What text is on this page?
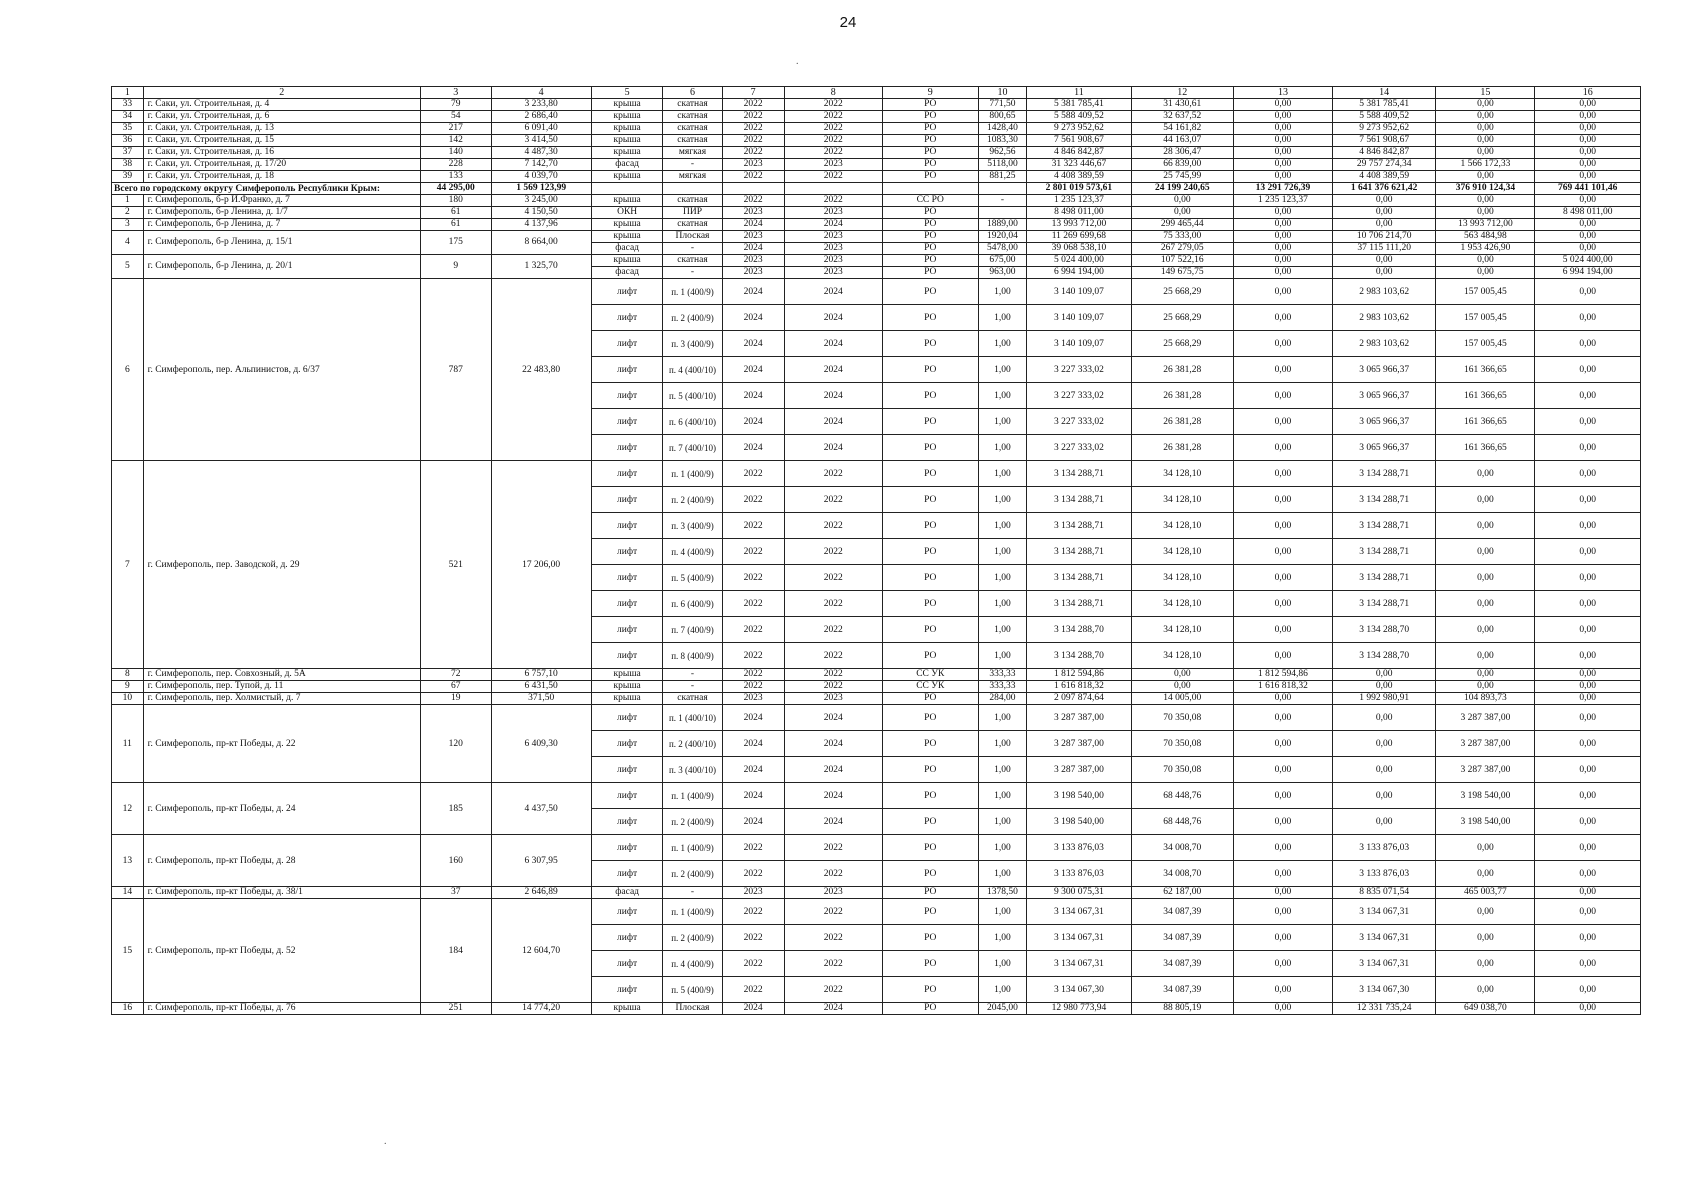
24
.
1	2	3	4	5	6	7	8	9	10	11	12	13	14	15	16
33	г. Саки, ул. Строительная, д. 4	79	3 233,80	крыша	скатная	2022	2022	РО	771,50	5 381 785,41	31 430,61	0,00	5 381 785,41	0,00	0,00
34	г. Саки, ул. Строительная, д. 6	54	2 686,40	крыша	скатная	2022	2022	РО	800,65	5 588 409,52	32 637,52	0,00	5 588 409,52	0,00	0,00
35	г. Саки, ул. Строительная, д. 13	217	6 091,40	крыша	скатная	2022	2022	РО	1428,40	9 273 952,62	54 161,82	0,00	9 273 952,62	0,00	0,00
36	г. Саки, ул. Строительная, д. 15	142	3 414,50	крыша	скатная	2022	2022	РО	1083,30	7 561 908,67	44 163,07	0,00	7 561 908,67	0,00	0,00
37	г. Саки, ул. Строительная, д. 16	140	4 487,30	крыша	мягкая	2022	2022	РО	962,56	4 846 842,87	28 306,47	0,00	4 846 842,87	0,00	0,00
38	г. Саки, ул. Строительная, д. 17/20	228	7 142,70	фасад	-	2023	2023	РО	5118,00	31 323 446,67	66 839,00	0,00	29 757 274,34	1 566 172,33	0,00
39	г. Саки, ул. Строительная, д. 18	133	4 039,70	крыша	мягкая	2022	2022	РО	881,25	4 408 389,59	25 745,99	0,00	4 408 389,59	0,00	0,00
Всего по городскому округу Симферополь Республики Крым:		44 295,00	1 569 123,99							2 801 019 573,61	24 199 240,65	13 291 726,39	1 641 376 621,42	376 910 124,34	769 441 101,46
1	г. Симферополь, б-р И.Франко, д. 7	180	3 245,00	крыша	скатная	2022	2022	СС РО	-	1 235 123,37	0,00	1 235 123,37	0,00	0,00	0,00
2	г. Симферополь, б-р Ленина, д. 1/7	61	4 150,50	ОКН	ПИР	2023	2023	РО		8 498 011,00	0,00	0,00	0,00	0,00	8 498 011,00
3	г. Симферополь, б-р Ленина, д. 7	61	4 137,96	крыша	скатная	2024	2024	РО	1889,00	13 993 712,00	299 465,44	0,00	0,00	13 993 712,00	0,00
4	г. Симферополь, б-р Ленина, д. 15/1	175	8 664,00	крыша	Плоская	2023	2023	РО	1920,04	11 269 699,68	75 333,00	0,00	10 706 214,70	563 484,98	0,00
				фасад	-	2024	2023	РО	5478,00	39 068 538,10	267 279,05	0,00	37 115 111,20	1 953 426,90	0,00
5	г. Симферополь, б-р Ленина, д. 20/1	9	1 325,70	крыша	скатная	2023	2023	РО	675,00	5 024 400,00	107 522,16	0,00	0,00	0,00	5 024 400,00
				фасад	-	2023	2023	РО	963,00	6 994 194,00	149 675,75	0,00	0,00	0,00	6 994 194,00
6	г. Симферополь, пер. Альпинистов, д. 6/37	787	22 483,80	лифт	п. 1 (400/9)	2024	2024	РО	1,00	3 140 109,07	25 668,29	0,00	2 983 103,62	157 005,45	0,00
				лифт	п. 2 (400/9)	2024	2024	РО	1,00	3 140 109,07	25 668,29	0,00	2 983 103,62	157 005,45	0,00
				лифт	п. 3 (400/9)	2024	2024	РО	1,00	3 140 109,07	25 668,29	0,00	2 983 103,62	157 005,45	0,00
				лифт	п. 4 (400/10)	2024	2024	РО	1,00	3 227 333,02	26 381,28	0,00	3 065 966,37	161 366,65	0,00
				лифт	п. 5 (400/10)	2024	2024	РО	1,00	3 227 333,02	26 381,28	0,00	3 065 966,37	161 366,65	0,00
				лифт	п. 6 (400/10)	2024	2024	РО	1,00	3 227 333,02	26 381,28	0,00	3 065 966,37	161 366,65	0,00
				лифт	п. 7 (400/10)	2024	2024	РО	1,00	3 227 333,02	26 381,28	0,00	3 065 966,37	161 366,65	0,00
7	г. Симферополь, пер. Заводской, д. 29	521	17 206,00	лифт	п. 1 (400/9)	2022	2022	РО	1,00	3 134 288,71	34 128,10	0,00	3 134 288,71	0,00	0,00
				лифт	п. 2 (400/9)	2022	2022	РО	1,00	3 134 288,71	34 128,10	0,00	3 134 288,71	0,00	0,00
				лифт	п. 3 (400/9)	2022	2022	РО	1,00	3 134 288,71	34 128,10	0,00	3 134 288,71	0,00	0,00
				лифт	п. 4 (400/9)	2022	2022	РО	1,00	3 134 288,71	34 128,10	0,00	3 134 288,71	0,00	0,00
				лифт	п. 5 (400/9)	2022	2022	РО	1,00	3 134 288,71	34 128,10	0,00	3 134 288,71	0,00	0,00
				лифт	п. 6 (400/9)	2022	2022	РО	1,00	3 134 288,71	34 128,10	0,00	3 134 288,71	0,00	0,00
				лифт	п. 7 (400/9)	2022	2022	РО	1,00	3 134 288,70	34 128,10	0,00	3 134 288,70	0,00	0,00
				лифт	п. 8 (400/9)	2022	2022	РО	1,00	3 134 288,70	34 128,10	0,00	3 134 288,70	0,00	0,00
8	г. Симферополь, пер. Совхозный, д. 5А	72	6 757,10	крыша	-	2022	2022	СС УК	333,33	1 812 594,86	0,00	1 812 594,86	0,00	0,00	0,00
9	г. Симферополь, пер. Тупой, д. 11	67	6 431,50	крыша	-	2022	2022	СС УК	333,33	1 616 818,32	0,00	1 616 818,32	0,00	0,00	0,00
10	г. Симферополь, пер. Холмистый, д. 7	19	371,50	крыша	скатная	2023	2023	РО	284,00	2 097 874,64	14 005,00	0,00	1 992 980,91	104 893,73	0,00
11	г. Симферополь, пр-кт Победы, д. 22	120	6 409,30	лифт	п. 1 (400/10)	2024	2024	РО	1,00	3 287 387,00	70 350,08	0,00	0,00	3 287 387,00	0,00
				лифт	п. 2 (400/10)	2024	2024	РО	1,00	3 287 387,00	70 350,08	0,00	0,00	3 287 387,00	0,00
				лифт	п. 3 (400/10)	2024	2024	РО	1,00	3 287 387,00	70 350,08	0,00	0,00	3 287 387,00	0,00
12	г. Симферополь, пр-кт Победы, д. 24	185	4 437,50	лифт	п. 1 (400/9)	2024	2024	РО	1,00	3 198 540,00	68 448,76	0,00	0,00	3 198 540,00	0,00
				лифт	п. 2 (400/9)	2024	2024	РО	1,00	3 198 540,00	68 448,76	0,00	0,00	3 198 540,00	0,00
13	г. Симферополь, пр-кт Победы, д. 28	160	6 307,95	лифт	п. 1 (400/9)	2022	2022	РО	1,00	3 133 876,03	34 008,70	0,00	3 133 876,03	0,00	0,00
				лифт	п. 2 (400/9)	2022	2022	РО	1,00	3 133 876,03	34 008,70	0,00	3 133 876,03	0,00	0,00
14	г. Симферополь, пр-кт Победы, д. 38/1	37	2 646,89	фасад	-	2023	2023	РО	1378,50	9 300 075,31	62 187,00	0,00	8 835 071,54	465 003,77	0,00
15	г. Симферополь, пр-кт Победы, д. 52	184	12 604,70	лифт	п. 1 (400/9)	2022	2022	РО	1,00	3 134 067,31	34 087,39	0,00	3 134 067,31	0,00	0,00
				лифт	п. 2 (400/9)	2022	2022	РО	1,00	3 134 067,31	34 087,39	0,00	3 134 067,31	0,00	0,00
				лифт	п. 4 (400/9)	2022	2022	РО	1,00	3 134 067,31	34 087,39	0,00	3 134 067,31	0,00	0,00
				лифт	п. 5 (400/9)	2022	2022	РО	1,00	3 134 067,30	34 087,39	0,00	3 134 067,30	0,00	0,00
16	г. Симферополь, пр-кт Победы, д. 76	251	14 774,20	крыша	Плоская	2024	2024	РО	2045,00	12 980 773,94	88 805,19	0,00	12 331 735,24	649 038,70	0,00
.
